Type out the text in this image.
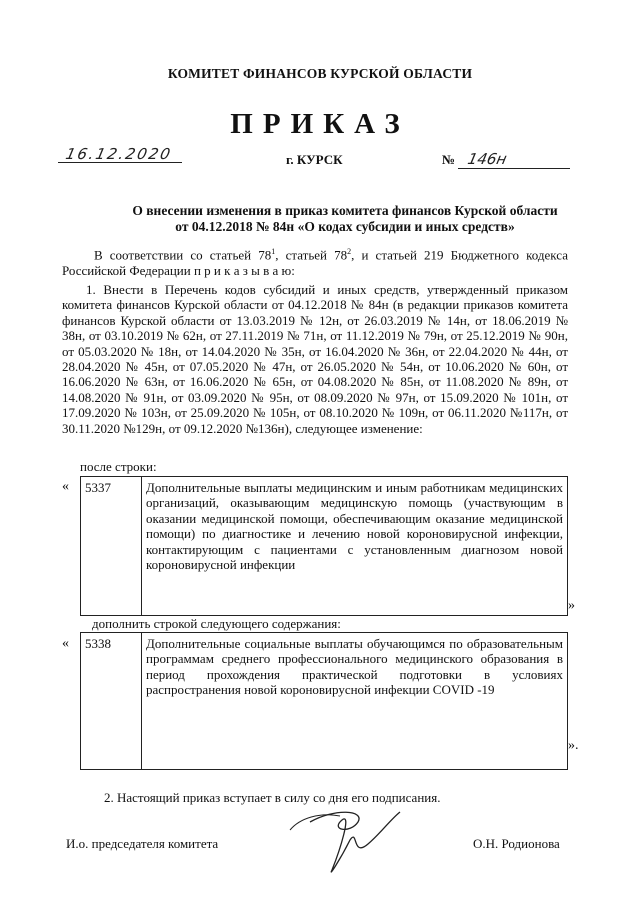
КОМИТЕТ ФИНАНСОВ КУРСКОЙ ОБЛАСТИ
ПРИКАЗ
16.12.2020	г. КУРСК	№ 146н
О внесении изменения в приказ комитета финансов Курской области
от 04.12.2018 № 84н «О кодах субсидии и иных средств»
В соответствии со статьей $78^1$, статьей $78^2$, и статьей 219 Бюджетного кодекса Российской Федерации п р и к а з ы в а ю:
1. Внести в Перечень кодов субсидий и иных средств, утвержденный приказом комитета финансов Курской области от 04.12.2018 № 84н (в редакции приказов комитета финансов Курской области от 13.03.2019 № 12н, от 26.03.2019 № 14н, от 18.06.2019 № 38н, от 03.10.2019 № 62н, от 27.11.2019 № 71н, от 11.12.2019 № 79н, от 25.12.2019 № 90н, от 05.03.2020 № 18н, от 14.04.2020 № 35н, от 16.04.2020 № 36н, от 22.04.2020 № 44н, от 28.04.2020 № 45н, от 07.05.2020 № 47н, от 26.05.2020 № 54н, от 10.06.2020 № 60н, от 16.06.2020 № 63н, от 16.06.2020 № 65н, от 04.08.2020 № 85н, от 11.08.2020 № 89н, от 14.08.2020 № 91н, от 03.09.2020 № 95н, от 08.09.2020 № 97н, от 15.09.2020 № 101н, от 17.09.2020 № 103н, от 25.09.2020 № 105н, от 08.10.2020 № 109н, от 06.11.2020 №117н, от 30.11.2020 №129н, от 09.12.2020 №136н), следующее изменение:
после строки:
« 5337	Дополнительные выплаты медицинским и иным работникам медицинских организаций, оказывающим медицинскую помощь (участвующим в оказании медицинской помощи, обеспечивающим оказание медицинской помощи) по диагностике и лечению новой короновирусной инфекции, контактирующим с пациентами с установленным диагнозом новой короновирусной инфекции
»
дополнить строкой следующего содержания:
« 5338	Дополнительные социальные выплаты обучающимся по образовательным программам среднего профессионального медицинского образования в период прохождения практической подготовки в условиях распространения новой короновирусной инфекции COVID -19
».
2. Настоящий приказ вступает в силу со дня его подписания.
И.о. председателя комитета	О.Н. Родионова
